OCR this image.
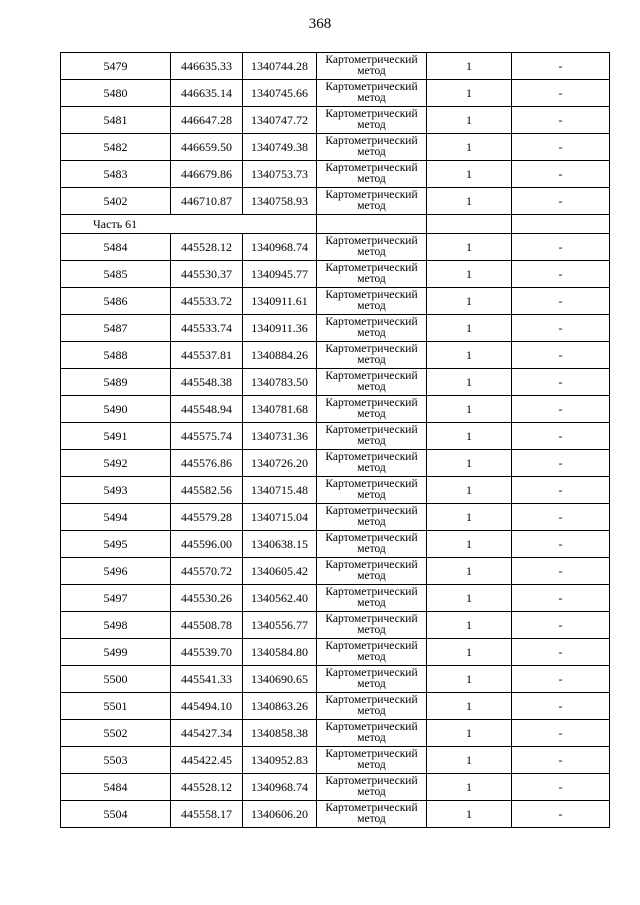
368
5479	446635.33	1340744.28	Картометрический метод	1	-
5480	446635.14	1340745.66	Картометрический метод	1	-
5481	446647.28	1340747.72	Картометрический метод	1	-
5482	446659.50	1340749.38	Картометрический метод	1	-
5483	446679.86	1340753.73	Картометрический метод	1	-
5402	446710.87	1340758.93	Картометрический метод	1	-
Часть 61					
5484	445528.12	1340968.74	Картометрический метод	1	-
5485	445530.37	1340945.77	Картометрический метод	1	-
5486	445533.72	1340911.61	Картометрический метод	1	-
5487	445533.74	1340911.36	Картометрический метод	1	-
5488	445537.81	1340884.26	Картометрический метод	1	-
5489	445548.38	1340783.50	Картометрический метод	1	-
5490	445548.94	1340781.68	Картометрический метод	1	-
5491	445575.74	1340731.36	Картометрический метод	1	-
5492	445576.86	1340726.20	Картометрический метод	1	-
5493	445582.56	1340715.48	Картометрический метод	1	-
5494	445579.28	1340715.04	Картометрический метод	1	-
5495	445596.00	1340638.15	Картометрический метод	1	-
5496	445570.72	1340605.42	Картометрический метод	1	-
5497	445530.26	1340562.40	Картометрический метод	1	-
5498	445508.78	1340556.77	Картометрический метод	1	-
5499	445539.70	1340584.80	Картометрический метод	1	-
5500	445541.33	1340690.65	Картометрический метод	1	-
5501	445494.10	1340863.26	Картометрический метод	1	-
5502	445427.34	1340858.38	Картометрический метод	1	-
5503	445422.45	1340952.83	Картометрический метод	1	-
5484	445528.12	1340968.74	Картометрический метод	1	-
5504	445558.17	1340606.20	Картометрический метод	1	-
